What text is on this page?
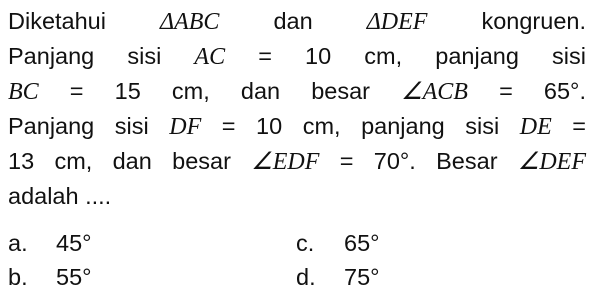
Diketahui ΔABC dan ΔDEF kongruen.
Panjang sisi AC = 10 cm, panjang sisi
BC = 15 cm, dan besar ∠ACB = 65°.
Panjang sisi DF = 10 cm, panjang sisi DE =
13 cm, dan besar ∠EDF = 70°. Besar ∠DEF
adalah ....
a. 45°	c. 65°
b. 55°	d. 75°
